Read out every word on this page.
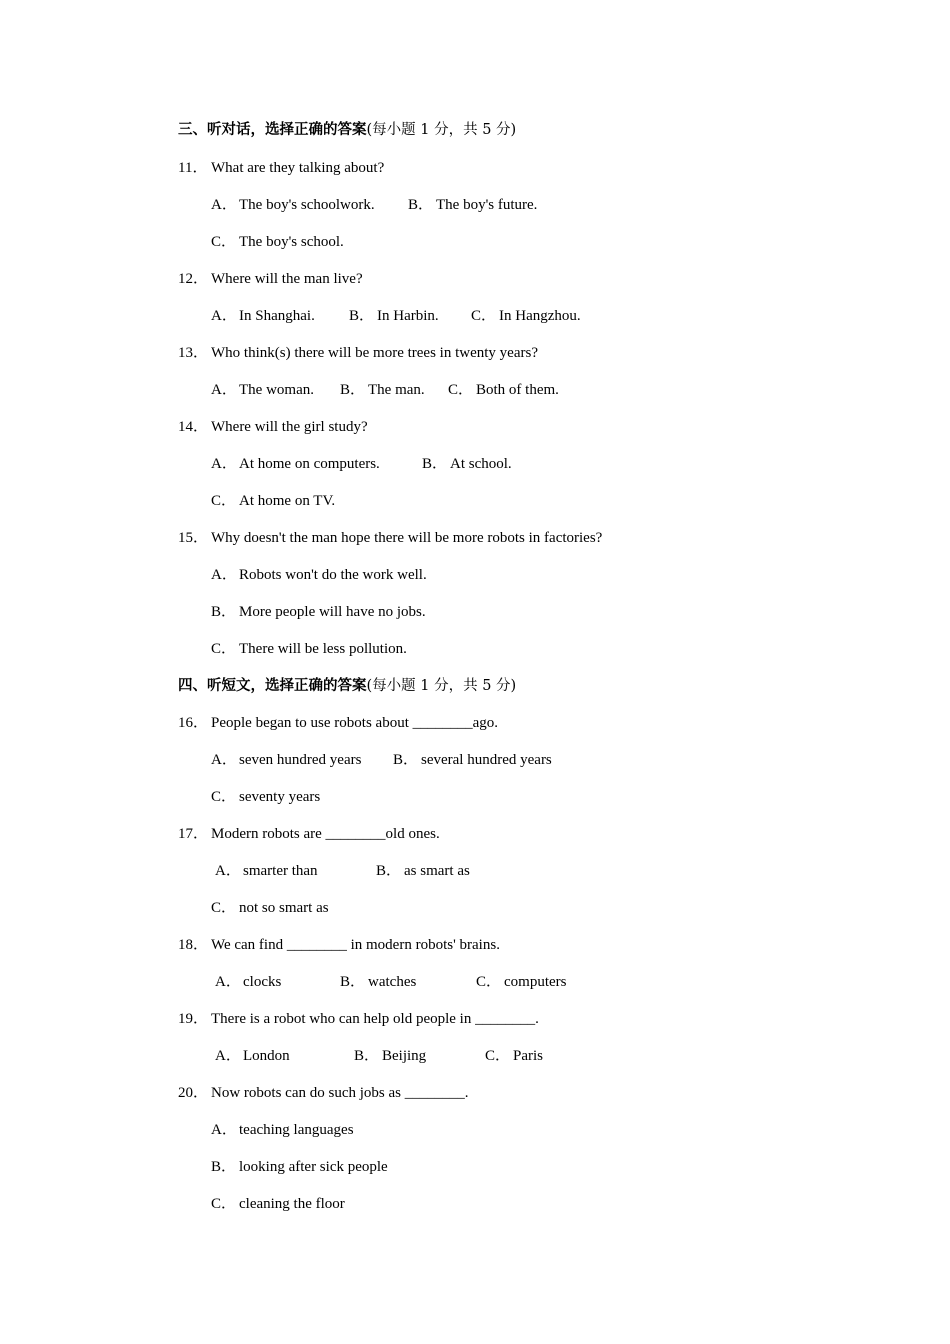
三、听对话，选择正确的答案(每小题 1 分，共 5 分)
11． What are they talking about?
A． The boy's schoolwork. B． The boy's future.
C． The boy's school.
12． Where will the man live?
A． In Shanghai. B． In Harbin. C． In Hangzhou.
13． Who think(s) there will be more trees in twenty years?
A． The woman. B． The man. C． Both of them.
14． Where will the girl study?
A． At home on computers.	B． At school.
C． At home on TV.
15． Why doesn't the man hope there will be more robots in factories?
A． Robots won't do the work well.
B． More people will have no jobs.
C． There will be less pollution.
四、听短文，选择正确的答案(每小题 1 分，共 5 分)
16． People began to use robots about ________ago.
A． seven hundred years B． several hundred years
C． seventy years
17． Modern robots are ________old ones.
A． smarter than	B． as smart as
C． not so smart as
18． We can find ________ in modern robots' brains.
A． clocks	B． watches	C． computers
19． There is a robot who can help old people in ________.
A． London	B． Beijing	C． Paris
20． Now robots can do such jobs as ________.
A． teaching languages
B． looking after sick people
C． cleaning the floor
